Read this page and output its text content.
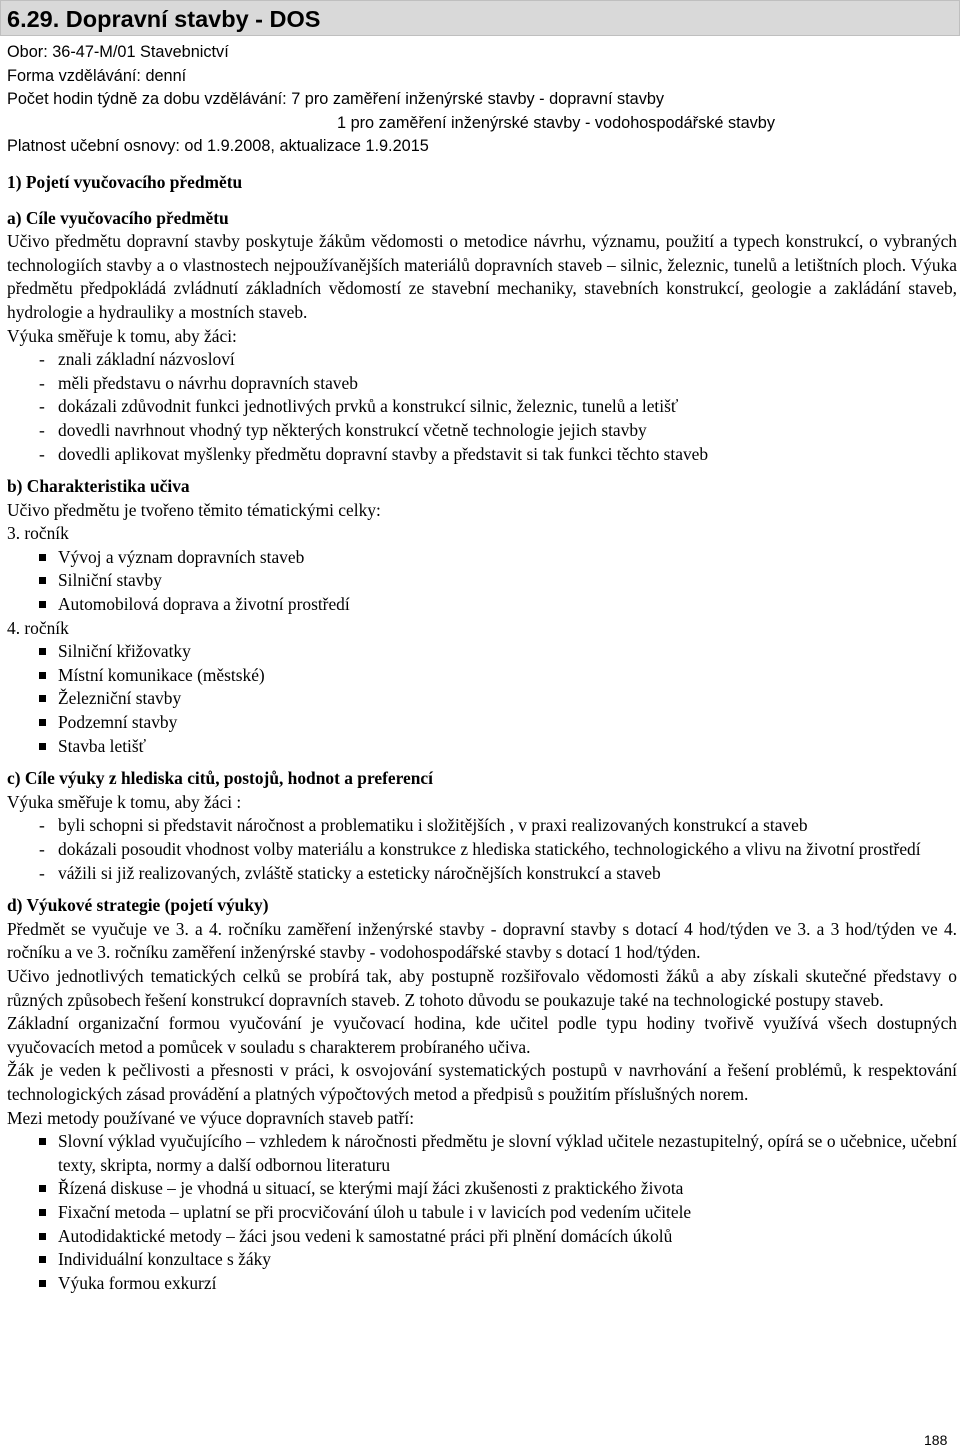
6.29. Dopravní stavby - DOS

Obor: 36-47-M/01 Stavebnictví

Forma vzdělávání: denní

Počet hodin týdně za dobu vzdělávání: 7 pro zaměření inženýrské stavby - dopravní stavby

1 pro zaměření inženýrské stavby - vodohospodářské stavby

Platnost učební osnovy: od 1.9.2008, aktualizace 1.9.2015

1) Pojetí vyučovacího předmětu

a) Cíle vyučovacího předmětu

Učivo předmětu dopravní stavby poskytuje žákům vědomosti o metodice návrhu, významu, použití a typech konstrukcí, o vybraných technologiích stavby a o vlastnostech nejpoužívanějších materiálů dopravních staveb – silnic, železnic, tunelů a letištních ploch. Výuka předmětu předpokládá zvládnutí základních vědomostí ze stavební mechaniky, stavebních konstrukcí, geologie a zakládání staveb, hydrologie a hydrauliky a mostních staveb.

Výuka směřuje k tomu, aby žáci:

- znali základní názvosloví
- měli představu o návrhu dopravních staveb
- dokázali zdůvodnit funkci jednotlivých prvků a konstrukcí silnic, železnic, tunelů a letišť
- dovedli navrhnout vhodný typ některých konstrukcí včetně technologie jejich stavby
- dovedli aplikovat myšlenky předmětu dopravní stavby a představit si tak funkci těchto staveb

b) Charakteristika učiva

Učivo předmětu je tvořeno těmito tématickými celky:

3. ročník

Vývoj a význam dopravních staveb
Silniční stavby
Automobilová doprava a životní prostředí

4. ročník

Silniční křižovatky
Místní komunikace (městské)
Železniční stavby
Podzemní stavby
Stavba letišť

c) Cíle výuky z hlediska citů, postojů, hodnot a preferencí

Výuka směřuje k tomu, aby žáci :

- byli schopni si představit náročnost a problematiku i složitějších , v praxi realizovaných konstrukcí a staveb
- dokázali posoudit vhodnost volby materiálu a konstrukce z hlediska statického, technologického a vlivu na životní prostředí
- vážili si již realizovaných, zvláště staticky a esteticky náročnějších konstrukcí a staveb

d) Výukové strategie (pojetí výuky)

Předmět se vyučuje ve 3. a 4. ročníku zaměření inženýrské stavby - dopravní stavby s dotací 4 hod/týden ve 3. a 3 hod/týden ve 4. ročníku a ve 3. ročníku zaměření inženýrské stavby - vodohospodářské stavby s dotací 1 hod/týden.

Učivo jednotlivých tematických celků se probírá tak, aby postupně rozšiřovalo vědomosti žáků a aby získali skutečné představy o různých způsobech řešení konstrukcí dopravních staveb. Z tohoto důvodu se poukazuje také na technologické postupy staveb.

Základní organizační formou vyučování je vyučovací hodina, kde učitel podle typu hodiny tvořivě využívá všech dostupných vyučovacích metod a pomůcek v souladu s charakterem probíraného učiva.

Žák je veden k pečlivosti a přesnosti v práci, k osvojování systematických postupů v navrhování a řešení problémů, k respektování technologických zásad provádění a platných výpočtových metod a předpisů s použitím příslušných norem.

Mezi metody používané ve výuce dopravních staveb patří:

Slovní výklad vyučujícího – vzhledem k náročnosti předmětu je slovní výklad učitele nezastupitelný, opírá se o učebnice, učební texty, skripta, normy a další odbornou literaturu
Řízená diskuse – je vhodná u situací, se kterými mají žáci zkušenosti z praktického života
Fixační metoda – uplatní se při procvičování úloh u tabule i v lavicích pod vedením učitele
Autodidaktické metody – žáci jsou vedeni k samostatné práci při plnění domácích úkolů
Individuální konzultace s žáky
Výuka formou exkurzí
188
